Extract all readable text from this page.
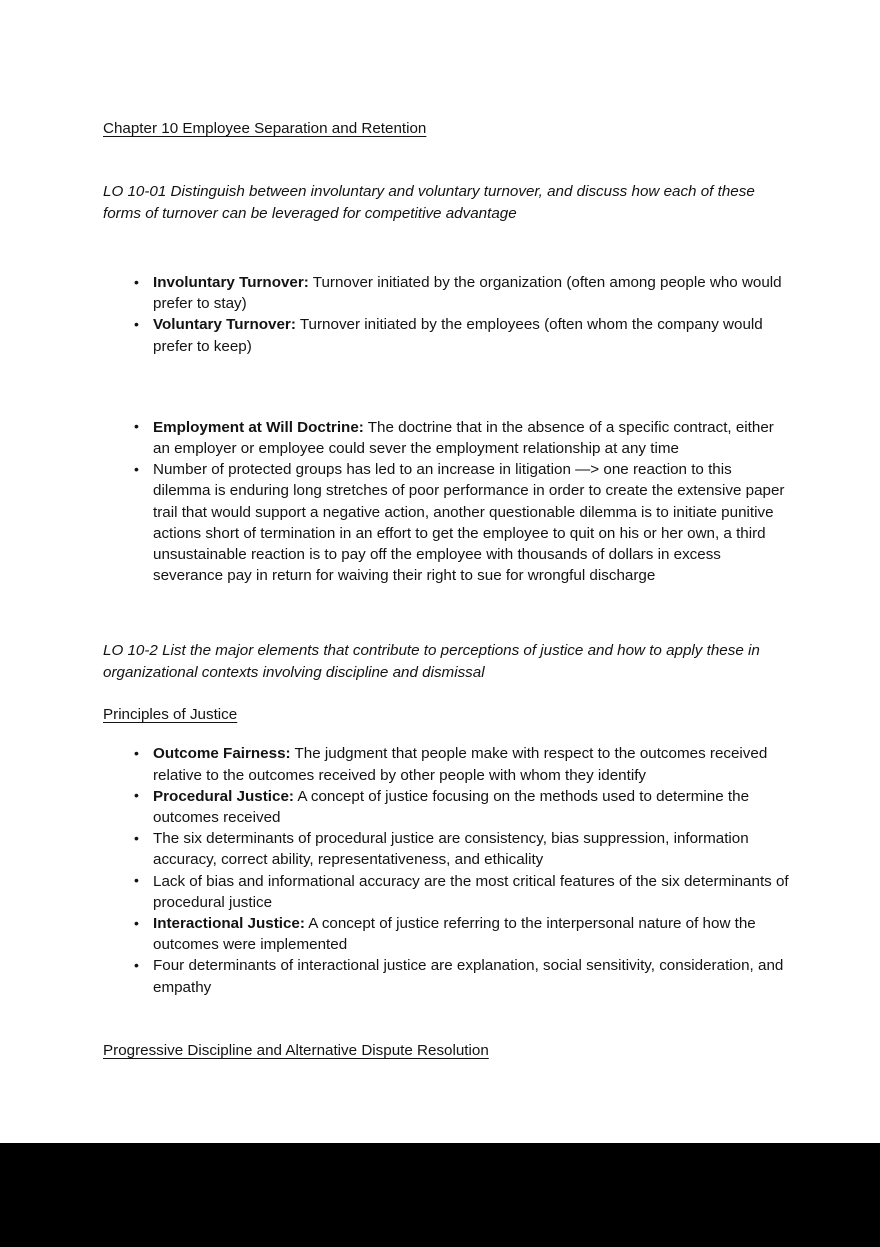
Chapter 10 Employee Separation and Retention

LO 10-01 Distinguish between involuntary and voluntary turnover, and discuss how each of these forms of turnover can be leveraged for competitive advantage

• Involuntary Turnover: Turnover initiated by the organization (often among people who would prefer to stay)
• Voluntary Turnover: Turnover initiated by the employees (often whom the company would prefer to keep)
• Employment at Will Doctrine: The doctrine that in the absence of a specific contract, either an employer or employee could sever the employment relationship at any time
• Number of protected groups has led to an increase in litigation —> one reaction to this dilemma is enduring long stretches of poor performance in order to create the extensive paper trail that would support a negative action, another questionable dilemma is to initiate punitive actions short of termination in an effort to get the employee to quit on his or her own, a third unsustainable reaction is to pay off the employee with thousands of dollars in excess severance pay in return for waiving their right to sue for wrongful discharge

LO 10-2 List the major elements that contribute to perceptions of justice and how to apply these in organizational contexts involving discipline and dismissal

Principles of Justice
• Outcome Fairness: The judgment that people make with respect to the outcomes received relative to the outcomes received by other people with whom they identify
• Procedural Justice: A concept of justice focusing on the methods used to determine the outcomes received
• The six determinants of procedural justice are consistency, bias suppression, information accuracy, correct ability, representativeness, and ethicality
• Lack of bias and informational accuracy are the most critical features of the six determinants of procedural justice
• Interactional Justice: A concept of justice referring to the interpersonal nature of how the outcomes were implemented
• Four determinants of interactional justice are explanation, social sensitivity, consideration, and empathy
Progressive Discipline and Alternative Dispute Resolution
